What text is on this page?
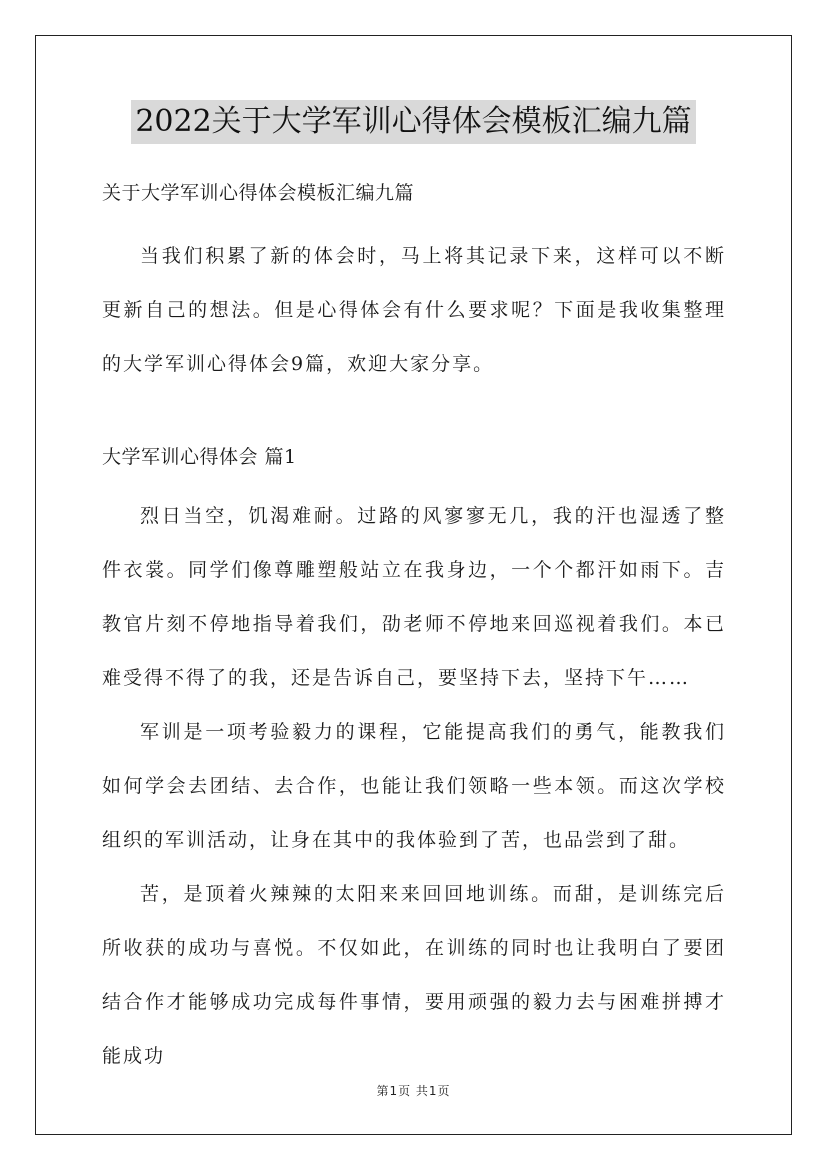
2022关于大学军训心得体会模板汇编九篇

关于大学军训心得体会模板汇编九篇

当我们积累了新的体会时，马上将其记录下来，这样可以不断更新自己的想法。但是心得体会有什么要求呢？下面是我收集整理的大学军训心得体会9篇，欢迎大家分享。

大学军训心得体会 篇1

烈日当空，饥渴难耐。过路的风寥寥无几，我的汗也湿透了整件衣裳。同学们像尊雕塑般站立在我身边，一个个都汗如雨下。吉教官片刻不停地指导着我们，劭老师不停地来回巡视着我们。本已难受得不得了的我，还是告诉自己，要坚持下去，坚持下午……

军训是一项考验毅力的课程，它能提高我们的勇气，能教我们如何学会去团结、去合作，也能让我们领略一些本领。而这次学校组织的军训活动，让身在其中的我体验到了苦，也品尝到了甜。

苦，是顶着火辣辣的太阳来来回回地训练。而甜，是训练完后所收获的成功与喜悦。不仅如此，在训练的同时也让我明白了要团结合作才能够成功完成每件事情，要用顽强的毅力去与困难拼搏才能成功

第1页 共1页
